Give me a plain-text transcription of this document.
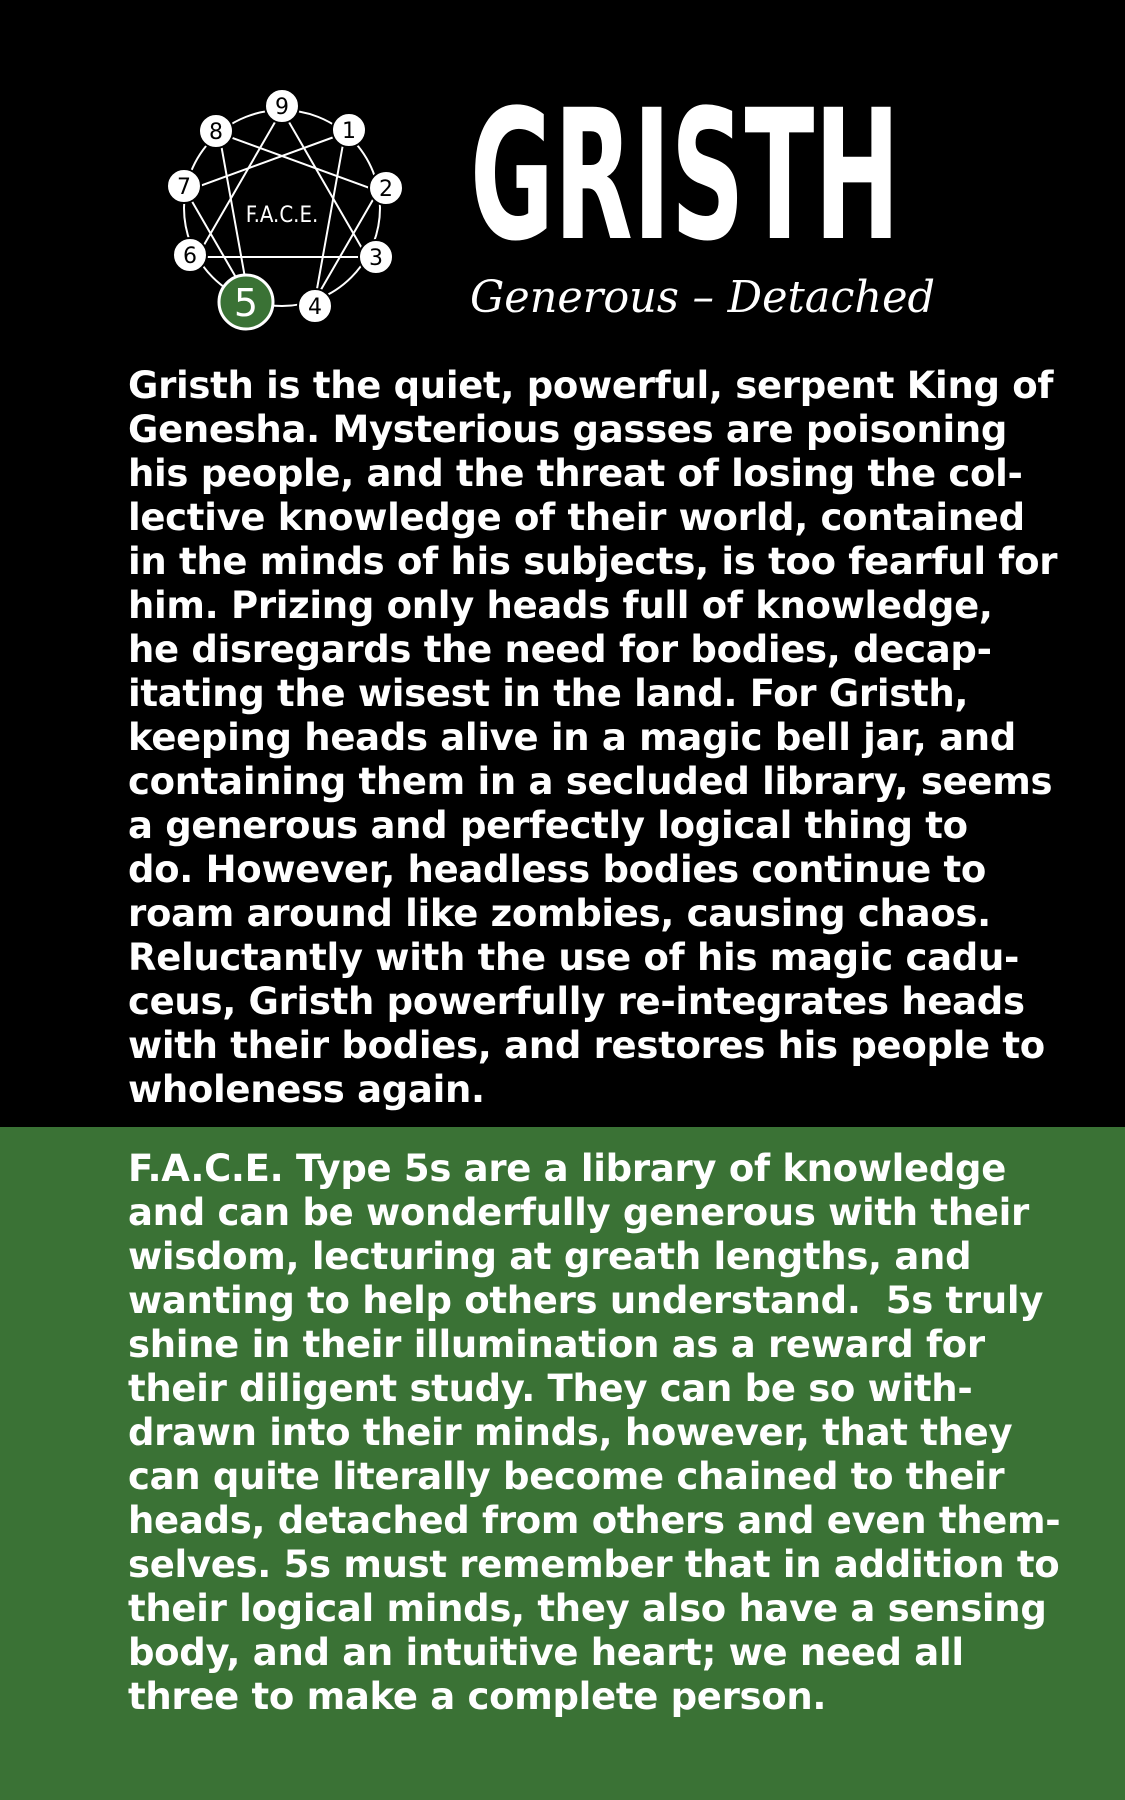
F.A.C.E.
9
1
2
3
4
5
6
7
8 GRISTH
Generous – Detached
Gristh is the quiet, powerful, serpent King of
Genesha. Mysterious gasses are poisoning
his people, and the threat of losing the col-
lective knowledge of their world, contained
in the minds of his subjects, is too fearful for
him. Prizing only heads full of knowledge,
he disregards the need for bodies, decap-
itating the wisest in the land. For Gristh,
keeping heads alive in a magic bell jar, and
containing them in a secluded library, seems
a generous and perfectly logical thing to
do. However, headless bodies continue to
roam around like zombies, causing chaos.
Reluctantly with the use of his magic cadu-
ceus, Gristh powerfully re-integrates heads
with their bodies, and restores his people to
wholeness again.
F.A.C.E. Type 5s are a library of knowledge
and can be wonderfully generous with their
wisdom, lecturing at greath lengths, and
wanting to help others understand.  5s truly
shine in their illumination as a reward for
their diligent study. They can be so with-
drawn into their minds, however, that they
can quite literally become chained to their
heads, detached from others and even them-
selves. 5s must remember that in addition to
their logical minds, they also have a sensing
body, and an intuitive heart; we need all
three to make a complete person.
